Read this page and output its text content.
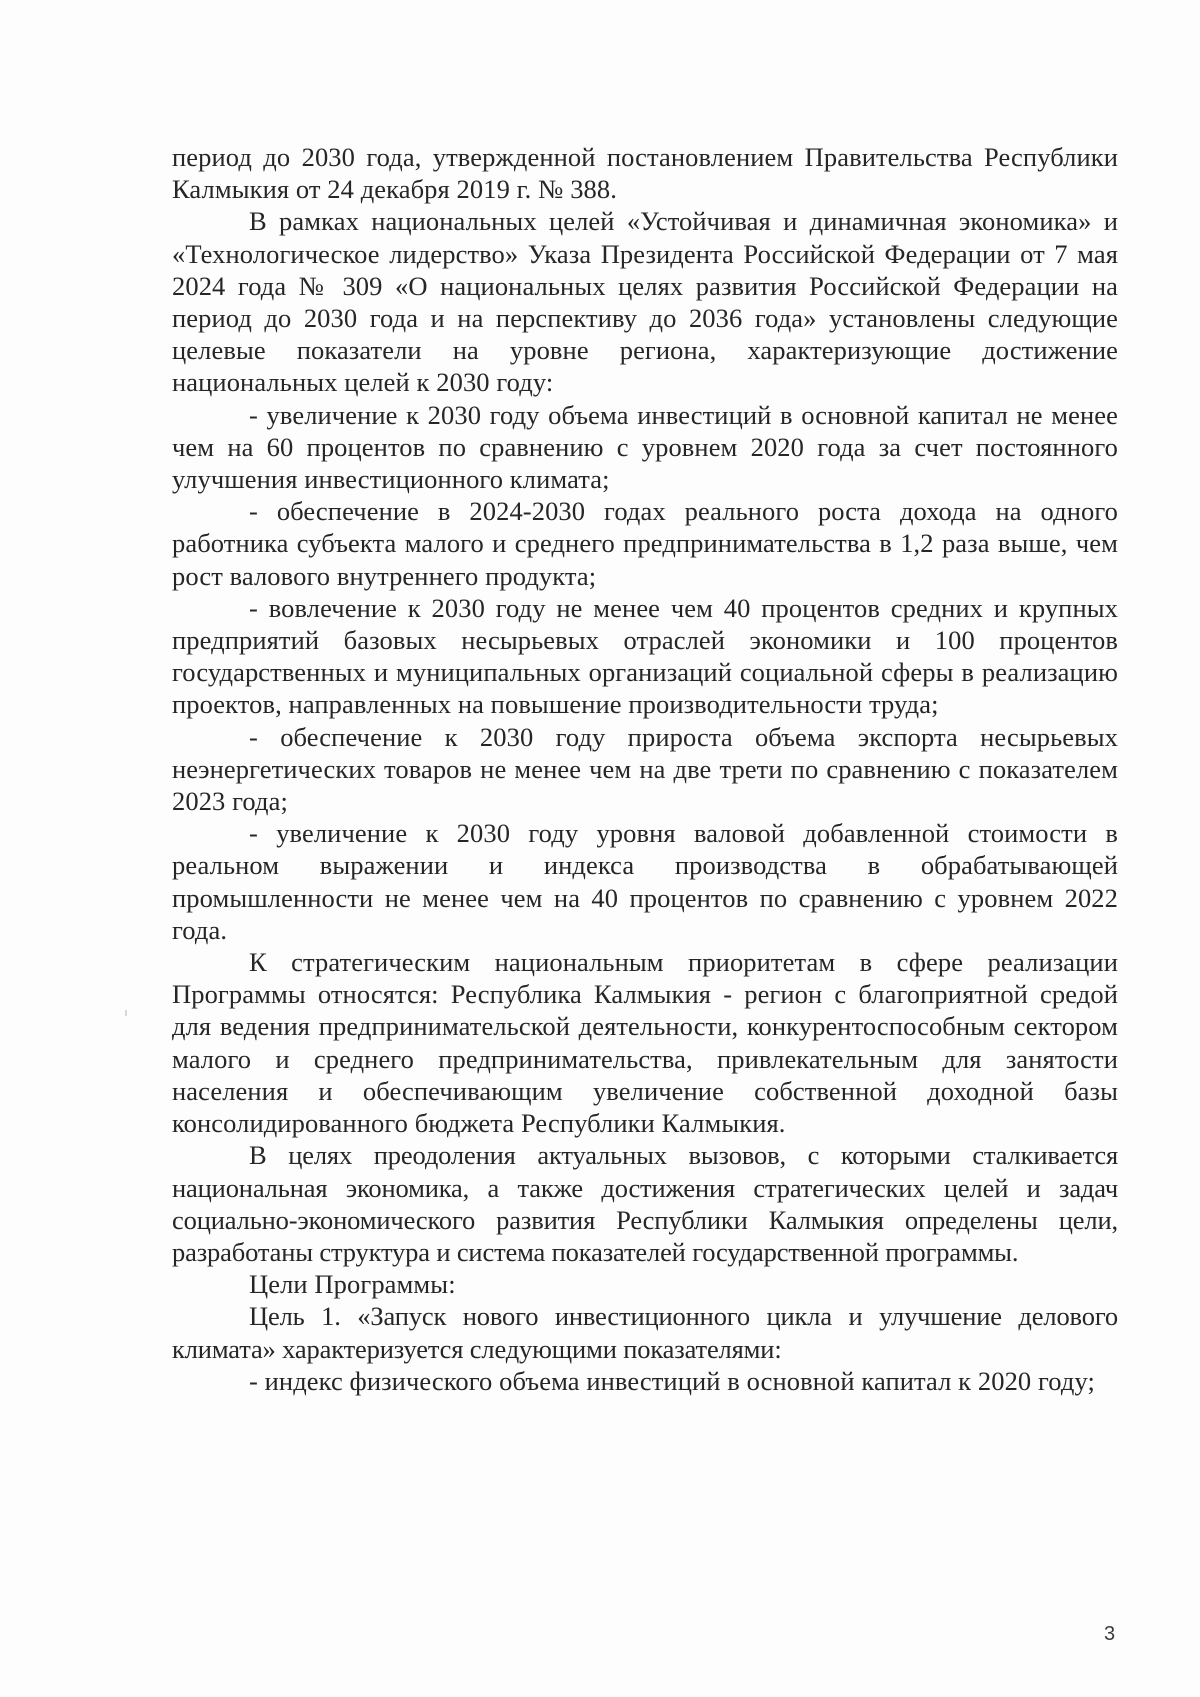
период до 2030 года, утвержденной постановлением Правительства Республики Калмыкия от 24 декабря 2019 г. № 388.

В рамках национальных целей «Устойчивая и динамичная экономика» и «Технологическое лидерство» Указа Президента Российской Федерации от 7 мая 2024 года № 309 «О национальных целях развития Российской Федерации на период до 2030 года и на перспективу до 2036 года» установлены следующие целевые показатели на уровне региона, характеризующие достижение национальных целей к 2030 году:

- увеличение к 2030 году объема инвестиций в основной капитал не менее чем на 60 процентов по сравнению с уровнем 2020 года за счет постоянного улучшения инвестиционного климата;

- обеспечение в 2024-2030 годах реального роста дохода на одного работника субъекта малого и среднего предпринимательства в 1,2 раза выше, чем рост валового внутреннего продукта;

- вовлечение к 2030 году не менее чем 40 процентов средних и крупных предприятий базовых несырьевых отраслей экономики и 100 процентов государственных и муниципальных организаций социальной сферы в реализацию проектов, направленных на повышение производительности труда;

- обеспечение к 2030 году прироста объема экспорта несырьевых неэнергетических товаров не менее чем на две трети по сравнению с показателем 2023 года;

- увеличение к 2030 году уровня валовой добавленной стоимости в реальном выражении и индекса производства в обрабатывающей промышленности не менее чем на 40 процентов по сравнению с уровнем 2022 года.

К стратегическим национальным приоритетам в сфере реализации Программы относятся: Республика Калмыкия - регион с благоприятной средой для ведения предпринимательской деятельности, конкурентоспособным сектором малого и среднего предпринимательства, привлекательным для занятости населения и обеспечивающим увеличение собственной доходной базы консолидированного бюджета Республики Калмыкия.

В целях преодоления актуальных вызовов, с которыми сталкивается национальная экономика, а также достижения стратегических целей и задач социально-экономического развития Республики Калмыкия определены цели, разработаны структура и система показателей государственной программы.

Цели Программы:

Цель 1. «Запуск нового инвестиционного цикла и улучшение делового климата» характеризуется следующими показателями:

- индекс физического объема инвестиций в основной капитал к 2020 году;

3
